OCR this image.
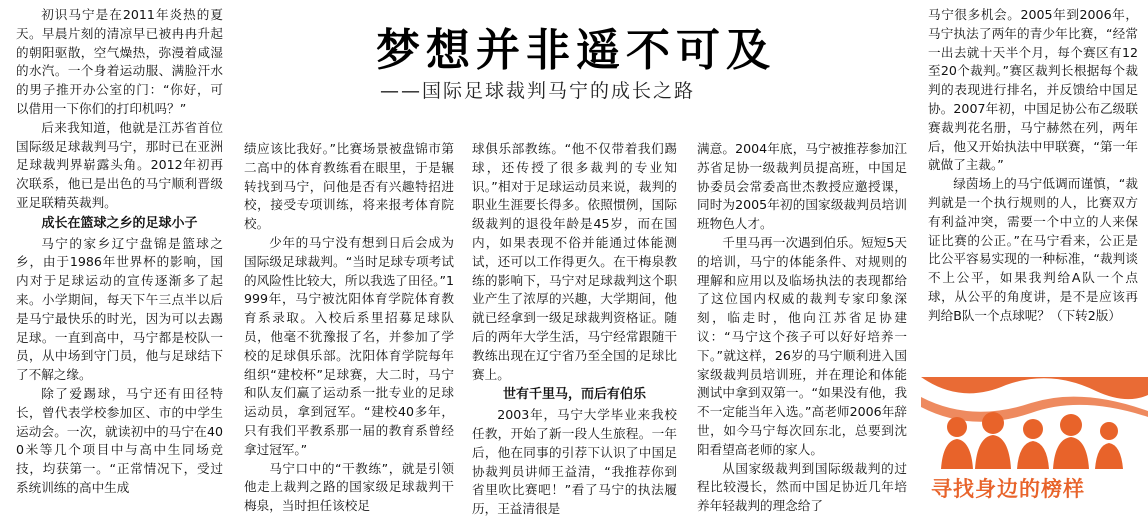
梦想并非遥不可及
——国际足球裁判马宁的成长之路

初识马宁是在2011年炎热的夏天。早晨片刻的清凉早已被冉冉升起的朝阳驱散，空气燥热，弥漫着咸湿的水汽。一个身着运动服、满脸汗水的男子推开办公室的门：“你好，可以借用一下你们的打印机吗？”

后来我知道，他就是江苏省首位国际级足球裁判马宁，那时已在亚洲足球裁判界崭露头角。2012年初再次联系，他已是出色的马宁顺利晋级亚足联精英裁判。

成长在篮球之乡的足球小子

马宁的家乡辽宁盘锦是篮球之乡，由于1986年世界杯的影响，国内对于足球运动的宣传逐渐多了起来。小学期间，每天下午三点半以后是马宁最快乐的时光，因为可以去踢足球。一直到高中，马宁都是校队一员，从中场到守门员，他与足球结下了不解之缘。

除了爱踢球，马宁还有田径特长，曾代表学校参加区、市的中学生运动会。一次，就读初中的马宁在400米等几个项目中与高中生同场竞技，均获第一。“正常情况下，受过系统训练的高中生成

绩应该比我好。”比赛场景被盘锦市第二高中的体育教练看在眼里，于是辗转找到马宁，问他是否有兴趣特招进校，接受专项训练，将来报考体育院校。

少年的马宁没有想到日后会成为国际级足球裁判。“当时足球专项考试的风险性比较大，所以我选了田径。”1999年，马宁被沈阳体育学院体育教育系录取。入校后系里招募足球队员，他毫不犹豫报了名，并参加了学校的足球俱乐部。沈阳体育学院每年组织“建校杯”足球赛，大二时，马宁和队友们赢了运动系一批专业的足球运动员，拿到冠军。“建校40多年，只有我们平教系那一届的教育系曾经拿过冠军。”

马宁口中的“干教练”，就是引领他走上裁判之路的国家级足球裁判干梅泉，当时担任该校足

球俱乐部教练。“他不仅带着我们踢球，还传授了很多裁判的专业知识。”相对于足球运动员来说，裁判的职业生涯要长得多。依照惯例，国际级裁判的退役年龄是45岁，而在国内，如果表现不俗并能通过体能测试，还可以工作得更久。在干梅泉教练的影响下，马宁对足球裁判这个职业产生了浓厚的兴趣，大学期间，他就已经拿到一级足球裁判资格证。随后的两年大学生活，马宁经常跟随干教练出现在辽宁省乃至全国的足球比赛上。

世有千里马，而后有伯乐

2003年，马宁大学毕业来我校任教，开始了新一段人生旅程。一年后，他在同事的引荐下认识了中国足协裁判员讲师王益清，“我推荐你到省里吹比赛吧！”看了马宁的执法履历，王益清很是

满意。2004年底，马宁被推荐参加江苏省足协一级裁判员提高班，中国足协委员会常委高世杰教授应邀授课，同时为2005年初的国家级裁判员培训班物色人才。

千里马再一次遇到伯乐。短短5天的培训，马宁的体能条件、对规则的理解和应用以及临场执法的表现都给了这位国内权威的裁判专家印象深刻，临走时，他向江苏省足协建议：“马宁这个孩子可以好好培养一下。”就这样，26岁的马宁顺利进入国家级裁判员培训班，并在理论和体能测试中拿到双第一。“如果没有他，我不一定能当年入选。”高老师2006年辞世，如今马宁每次回东北，总要到沈阳看望高老师的家人。

从国家级裁判到国际级裁判的过程比较漫长，然而中国足协近几年培养年轻裁判的理念给了

马宁很多机会。2005年到2006年，马宁执法了两年的青少年比赛，“经常一出去就十天半个月，每个赛区有12至20个裁判。”赛区裁判长根据每个裁判的表现进行排名，并反馈给中国足协。2007年初，中国足协公布乙级联赛裁判花名册，马宁赫然在列，两年后，他又开始执法中甲联赛，“第一年就做了主裁。”

绿茵场上的马宁低调而谨慎，“裁判就是一个执行规则的人，比赛双方有利益冲突，需要一个中立的人来保证比赛的公正。”在马宁看来，公正是比公平容易实现的一种标准，“裁判谈不上公平，如果我判给A队一个点球，从公平的角度讲，是不是应该再判给B队一个点球呢？（下转2版）

寻找身边的榜样
